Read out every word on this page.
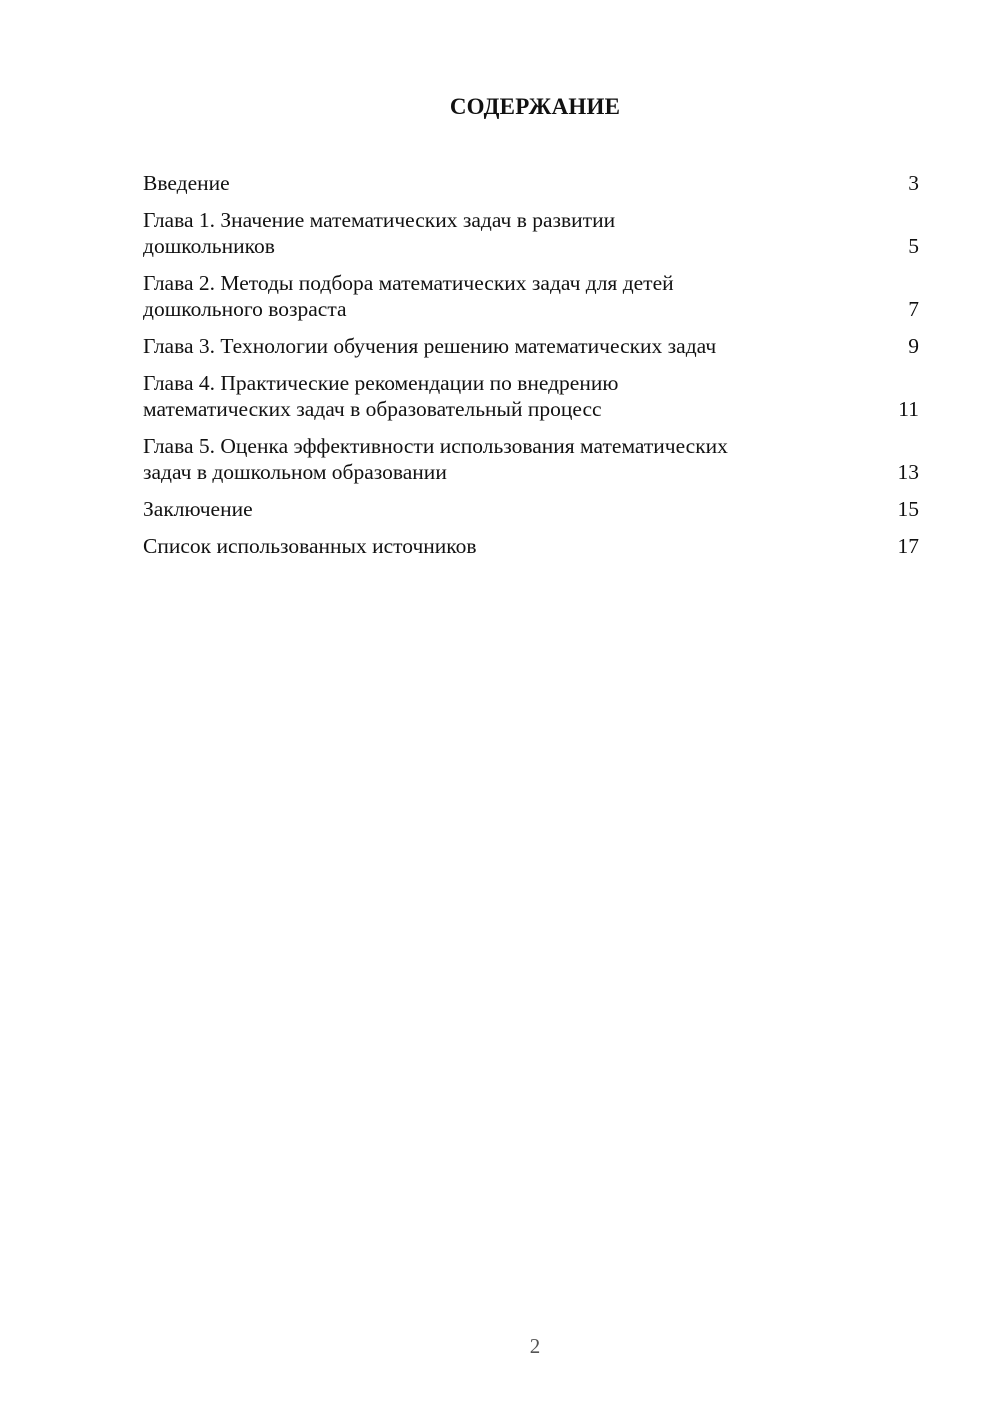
СОДЕРЖАНИЕ
Введение	3
Глава 1. Значение математических задач в развитии
дошкольников	5
Глава 2. Методы подбора математических задач для детей
дошкольного возраста	7
Глава 3. Технологии обучения решению математических задач	9
Глава 4. Практические рекомендации по внедрению
математических задач в образовательный процесс	11
Глава 5. Оценка эффективности использования математических
задач в дошкольном образовании	13
Заключение	15
Список использованных источников	17
2
